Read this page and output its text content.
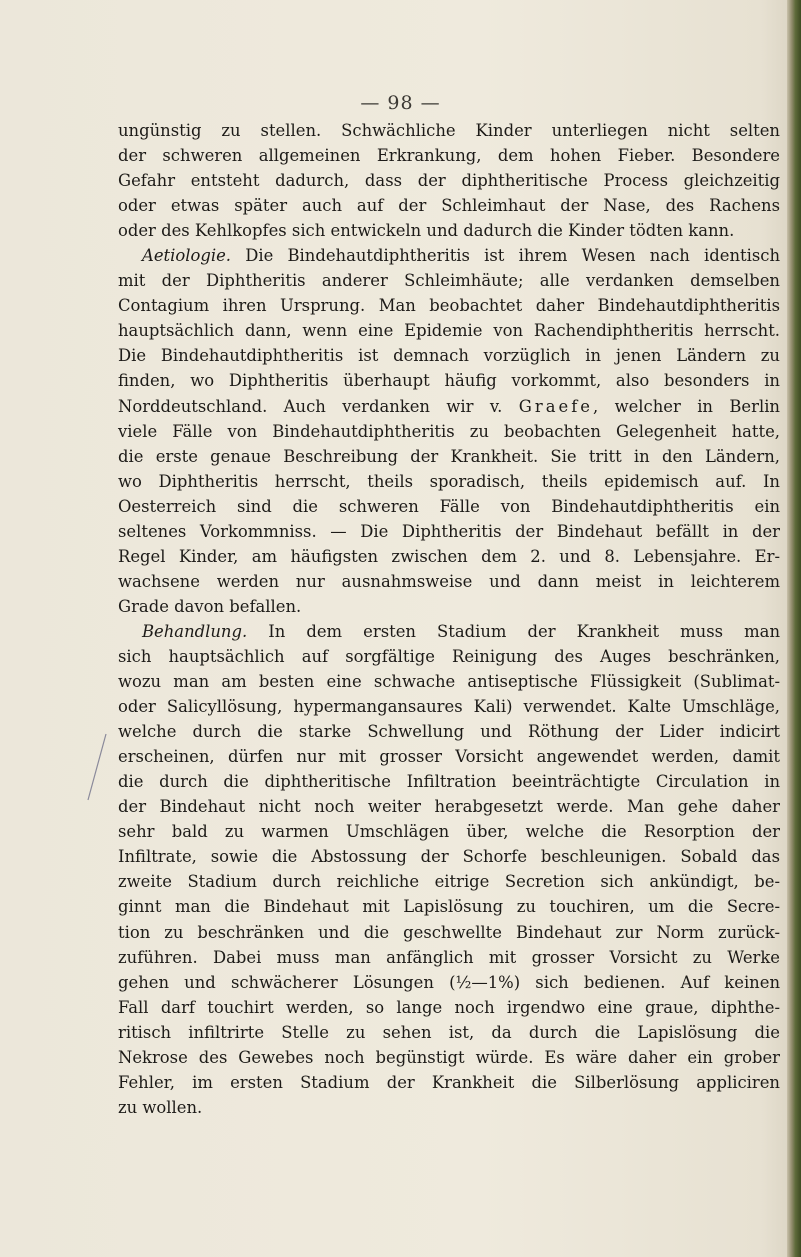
— 98 —
ungünstig zu stellen. Schwächliche Kinder unterliegen nicht selten
der schweren allgemeinen Erkrankung, dem hohen Fieber. Besondere
Gefahr entsteht dadurch, dass der diphtheritische Process gleichzeitig
oder etwas später auch auf der Schleimhaut der Nase, des Rachens
oder des Kehlkopfes sich entwickeln und dadurch die Kinder tödten kann.
Aetiologie. Die Bindehautdiphtheritis ist ihrem Wesen nach identisch
mit der Diphtheritis anderer Schleimhäute; alle verdanken demselben
Contagium ihren Ursprung. Man beobachtet daher Bindehautdiphtheritis
hauptsächlich dann, wenn eine Epidemie von Rachendiphtheritis herrscht.
Die Bindehautdiphtheritis ist demnach vorzüglich in jenen Ländern zu
finden, wo Diphtheritis überhaupt häufig vorkommt, also besonders in
Norddeutschland. Auch verdanken wir v. Graefe, welcher in Berlin
viele Fälle von Bindehautdiphtheritis zu beobachten Gelegenheit hatte,
die erste genaue Beschreibung der Krankheit. Sie tritt in den Ländern,
wo Diphtheritis herrscht, theils sporadisch, theils epidemisch auf. In
Oesterreich sind die schweren Fälle von Bindehautdiphtheritis ein
seltenes Vorkommniss. — Die Diphtheritis der Bindehaut befällt in der
Regel Kinder, am häufigsten zwischen dem 2. und 8. Lebensjahre. Er-
wachsene werden nur ausnahmsweise und dann meist in leichterem
Grade davon befallen.
Behandlung. In dem ersten Stadium der Krankheit muss man
sich hauptsächlich auf sorgfältige Reinigung des Auges beschränken,
wozu man am besten eine schwache antiseptische Flüssigkeit (Sublimat-
oder Salicyllösung, hypermangansaures Kali) verwendet. Kalte Umschläge,
welche durch die starke Schwellung und Röthung der Lider indicirt
erscheinen, dürfen nur mit grosser Vorsicht angewendet werden, damit
die durch die diphtheritische Infiltration beeinträchtigte Circulation in
der Bindehaut nicht noch weiter herabgesetzt werde. Man gehe daher
sehr bald zu warmen Umschlägen über, welche die Resorption der
Infiltrate, sowie die Abstossung der Schorfe beschleunigen. Sobald das
zweite Stadium durch reichliche eitrige Secretion sich ankündigt, be-
ginnt man die Bindehaut mit Lapislösung zu touchiren, um die Secre-
tion zu beschränken und die geschwellte Bindehaut zur Norm zurück-
zuführen. Dabei muss man anfänglich mit grosser Vorsicht zu Werke
gehen und schwächerer Lösungen (½—1%) sich bedienen. Auf keinen
Fall darf touchirt werden, so lange noch irgendwo eine graue, diphthe-
ritisch infiltrirte Stelle zu sehen ist, da durch die Lapislösung die
Nekrose des Gewebes noch begünstigt würde. Es wäre daher ein grober
Fehler, im ersten Stadium der Krankheit die Silberlösung appliciren
zu wollen.
